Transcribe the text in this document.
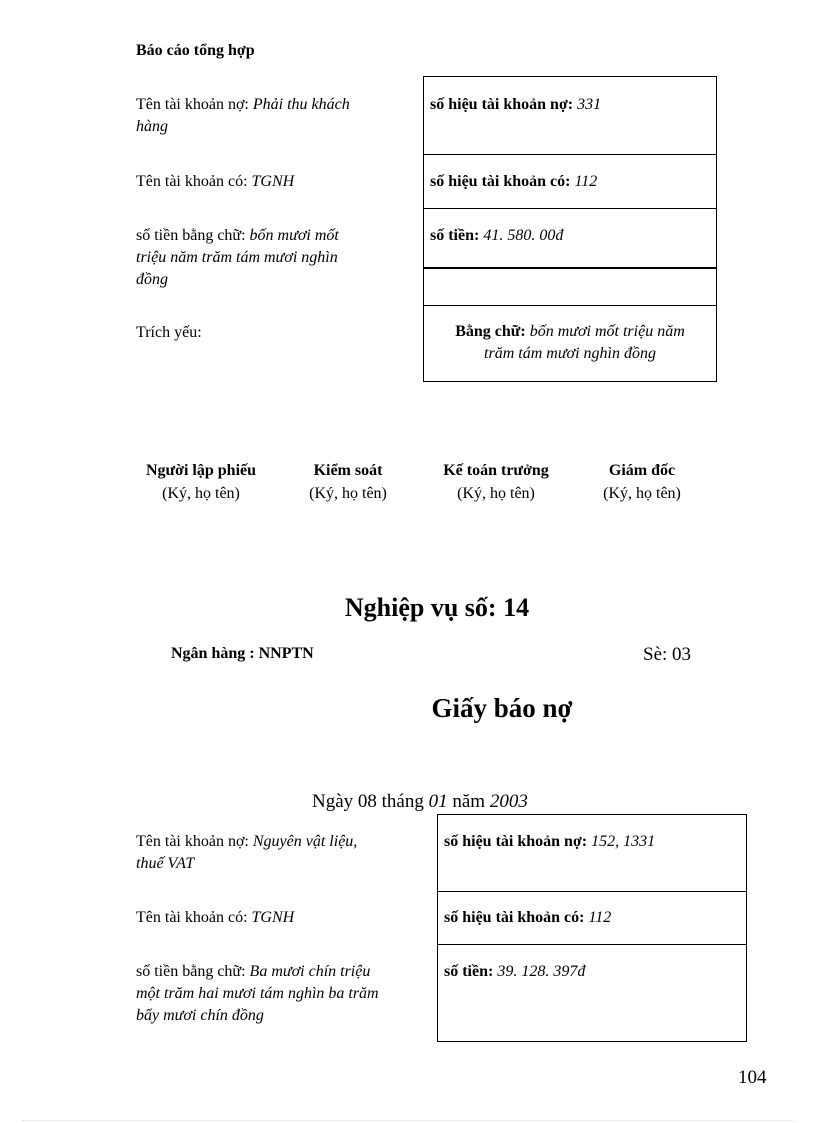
Báo cáo tổng hợp
Tên tài khoản nợ: Phải thu khách
hàng
Tên tài khoản có: TGNH
số tiền bằng chữ: bốn mươi mốt
triệu năm trăm tám mươi nghìn
đồng
Trích yếu:
số hiệu tài khoản nợ: 331
số hiệu tài khoản có: 112
số tiền: 41. 580. 00đ
Bằng chữ: bốn mươi mốt triệu năm
trăm tám mươi nghìn đồng
Người lập phiếu
(Ký, họ tên)
Kiểm soát
(Ký, họ tên)
Kế toán trưởng
(Ký, họ tên)
Giám đốc
(Ký, họ tên)
Nghiệp vụ số: 14
Ngân hàng : NNPTN	Sè: 03
Giấy báo nợ
Ngày 08 tháng 01 năm 2003
Tên tài khoản nợ: Nguyên vật liệu,
thuế VAT
Tên tài khoản có: TGNH
số tiền bằng chữ: Ba mươi chín triệu
một trăm hai mươi tám nghìn ba trăm
bẩy mươi chín đồng
số hiệu tài khoản nợ: 152, 1331
số hiệu tài khoản có: 112
số tiền: 39. 128. 397đ
104
